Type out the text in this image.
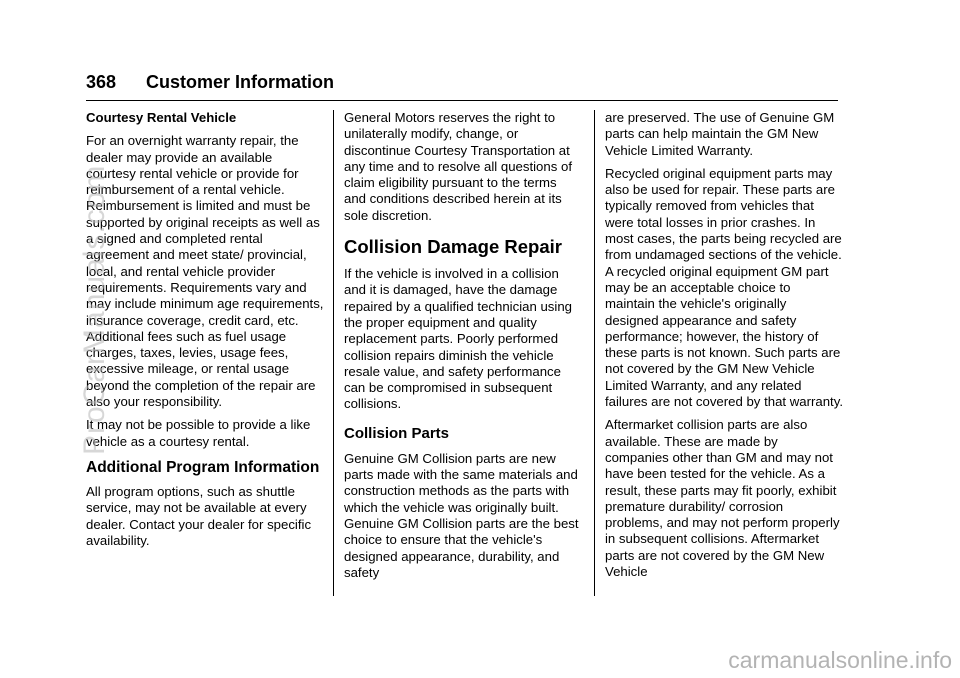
368 Customer Information
Courtesy Rental Vehicle

For an overnight warranty repair, the dealer may provide an available courtesy rental vehicle or provide for reimbursement of a rental vehicle. Reimbursement is limited and must be supported by original receipts as well as a signed and completed rental agreement and meet state/ provincial, local, and rental vehicle provider requirements. Requirements vary and may include minimum age requirements, insurance coverage, credit card, etc. Additional fees such as fuel usage charges, taxes, levies, usage fees, excessive mileage, or rental usage beyond the completion of the repair are also your responsibility.

It may not be possible to provide a like vehicle as a courtesy rental.

Additional Program Information

All program options, such as shuttle service, may not be available at every dealer. Contact your dealer for specific availability.

General Motors reserves the right to unilaterally modify, change, or discontinue Courtesy Transportation at any time and to resolve all questions of claim eligibility pursuant to the terms and conditions described herein at its sole discretion.

Collision Damage Repair

If the vehicle is involved in a collision and it is damaged, have the damage repaired by a qualified technician using the proper equipment and quality replacement parts. Poorly performed collision repairs diminish the vehicle resale value, and safety performance can be compromised in subsequent collisions.

Collision Parts

Genuine GM Collision parts are new parts made with the same materials and construction methods as the parts with which the vehicle was originally built. Genuine GM Collision parts are the best choice to ensure that the vehicle's designed appearance, durability, and safety

are preserved. The use of Genuine GM parts can help maintain the GM New Vehicle Limited Warranty.

Recycled original equipment parts may also be used for repair. These parts are typically removed from vehicles that were total losses in prior crashes. In most cases, the parts being recycled are from undamaged sections of the vehicle. A recycled original equipment GM part may be an acceptable choice to maintain the vehicle's originally designed appearance and safety performance; however, the history of these parts is not known. Such parts are not covered by the GM New Vehicle Limited Warranty, and any related failures are not covered by that warranty.

Aftermarket collision parts are also available. These are made by companies other than GM and may not have been tested for the vehicle. As a result, these parts may fit poorly, exhibit premature durability/ corrosion problems, and may not perform properly in subsequent collisions. Aftermarket parts are not covered by the GM New Vehicle

ProCarManuals.com
carmanualsonline.info
